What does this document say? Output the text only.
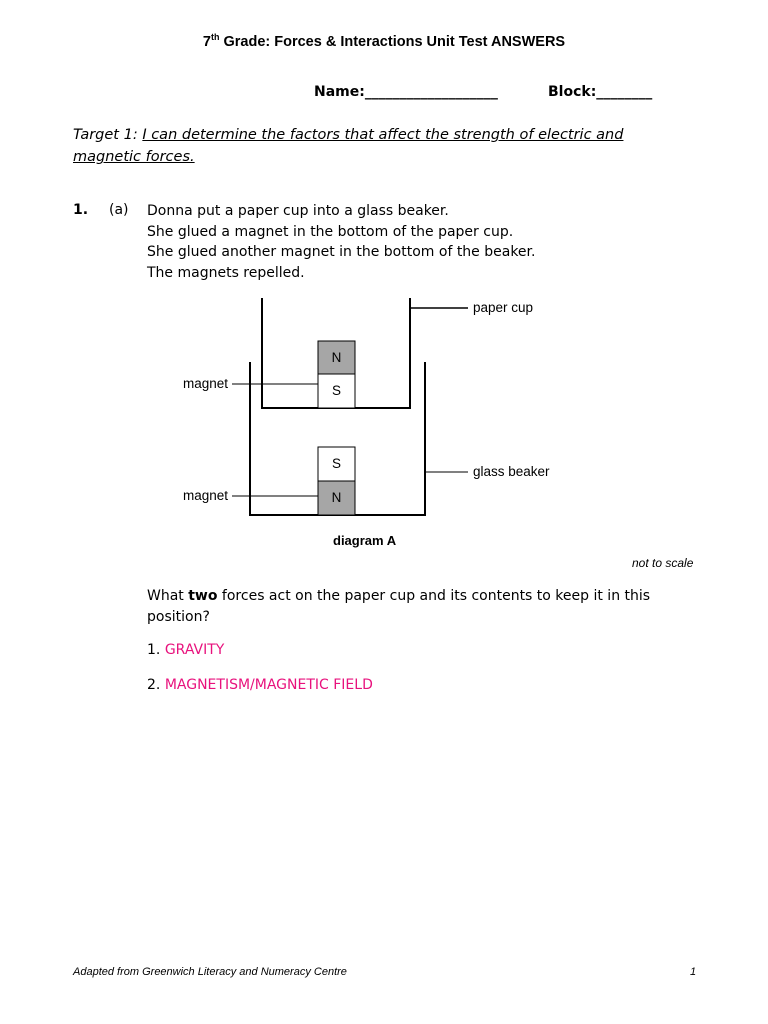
7th Grade: Forces & Interactions Unit Test ANSWERS
Name:___________________	Block:________
Target 1: I can determine the factors that affect the strength of electric and
magnetic forces.
1. (a) Donna put a paper cup into a glass beaker.
She glued a magnet in the bottom of the paper cup.
She glued another magnet in the bottom of the beaker.
The magnets repelled.
N
S
S
N
paper cup
glass beaker
magnet
magnet
diagram A
not to scale
What two forces act on the paper cup and its contents to keep it in this position?
1. GRAVITY
2. MAGNETISM/MAGNETIC FIELD
Adapted from Greenwich Literacy and Numeracy Centre	1
